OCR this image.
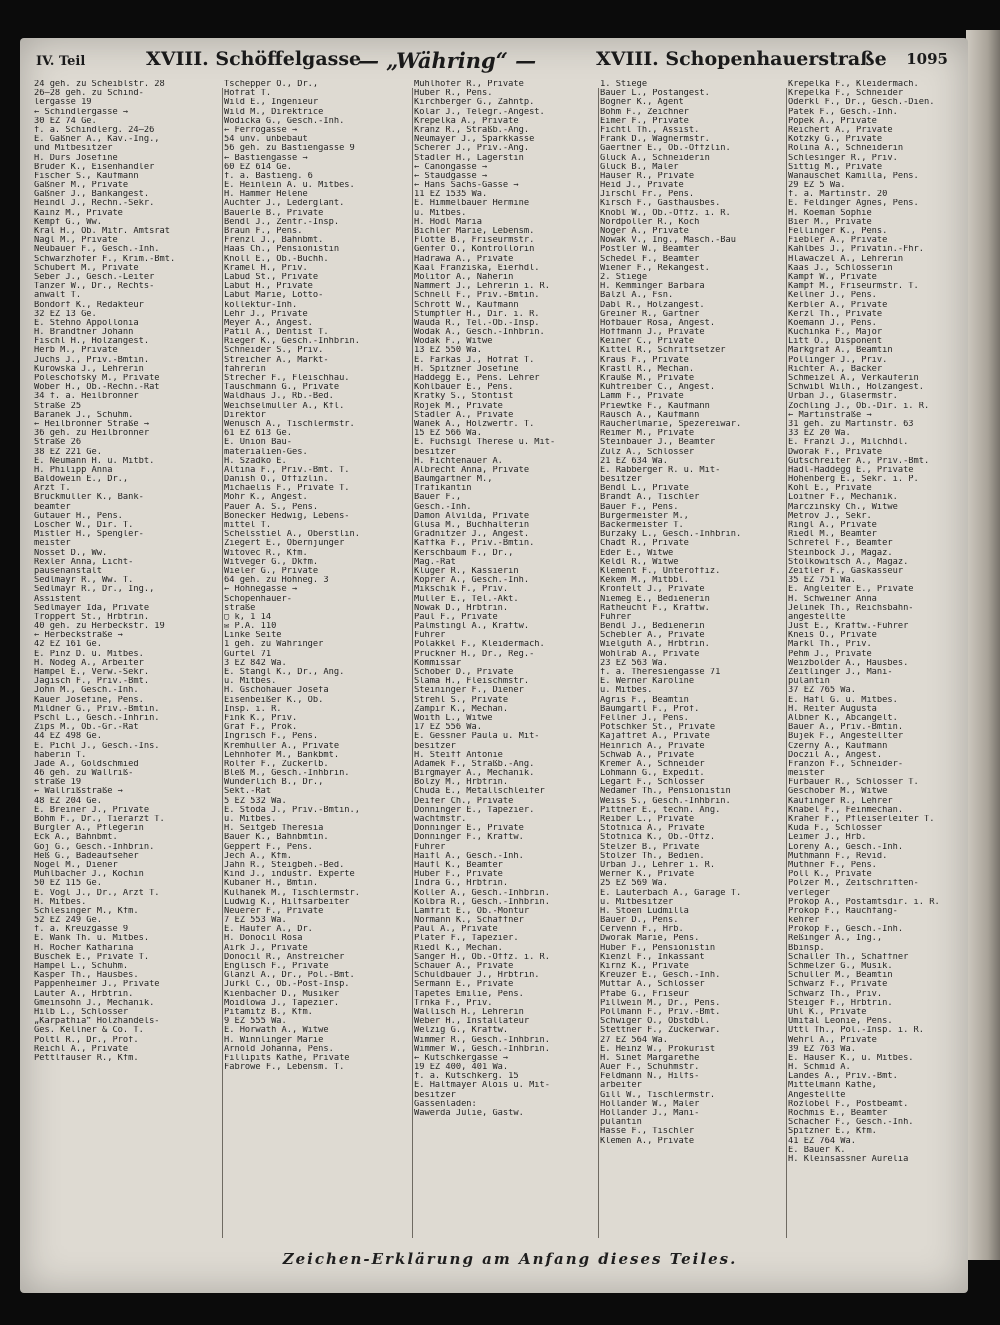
IV. Teil	XVIII. Schöffelgasse
— „Währing“ —	XVIII. Schopenhauerstraße 1095
24 geh. zu Scheiblstr. 28
26—28 geh. zu Schind-
lergasse 19
← Schindlergasse →
30 EZ 74 Ge.
f. a. Schindlerg. 24—26
E. Gaßner A., Kav.-Ing.,
und Mitbesitzer
H. Durs Josefine
Brüder K., Eisenhändler
Fischer S., Kaufmann
Gaßner M., Private
Gaßner J., Bankangest.
Heindl J., Rechn.-Sekr.
Kainz M., Private
Kempf G., Ww.
Kral H., Ob. Mitr. Amtsrat
Nagl M., Private
Neubauer F., Gesch.-Inh.
Schwarzhofer F., Krim.-Bmt.
Schubert M., Private
Seber J., Gesch.-Leiter
Tanzer W., Dr., Rechts-
anwalt T.
Bondorf K., Redakteur
32 EZ 13 Ge.
E. Stehno Appollonia
H. Brandtner Johann
Fischl H., Holzangest.
Herb M., Private
Juchs J., Priv.-Bmtin.
Kurowska J., Lehrerin
Poleschofsky M., Private
Wöber H., Ob.-Rechn.-Rat
34 f. a. Heilbronner
Straße 25
Baranek J., Schuhm.
← Heilbronner Straße →
36 geh. zu Heilbronner
Straße 26
38 EZ 221 Ge.
E. Neumann H. u. Mitbt.
H. Philipp Anna
Baldowein E., Dr.,
Arzt T.
Bruckmüller K., Bank-
beamter
Gutauer H., Pens.
Löscher W., Dir. T.
Mistler H., Spengler-
meister
Nosset D., Ww.
Rexler Anna, Licht-
pausenanstalt
Sedlmayr R., Ww. T.
Sedlmayr R., Dr., Ing.,
Assistent
Sedlmayer Ida, Private
Troppert St., Hrbtrin.
40 geh. zu Herbeckstr. 19
← Herbeckstraße →
42 EZ 161 Ge.
E. Pinz D. u. Mitbes.
H. Nodeg A., Arbeiter
Hampel E., Verw.-Sekr.
Jagisch F., Priv.-Bmt.
Jöhn M., Gesch.-Inh.
Kauer Josefine, Pens.
Mildner G., Priv.-Bmtin.
Pschl L., Gesch.-Inhrin.
Zips M., Ob.-Gr.-Rat
44 EZ 498 Ge.
E. Pichl J., Gesch.-Ins.
haberin T.
Jade A., Goldschmied
46 geh. zu Wallriß-
straße 19
← Wallrißstraße →
48 EZ 204 Ge.
E. Breiner J., Private
Böhm F., Dr., Tierarzt T.
Burgler A., Pflegerin
Eck A., Bahnbmt.
Goj G., Gesch.-Inhbrin.
Heß G., Badeaufseher
Nögel M., Diener
Mühlbacher J., Köchin
50 EZ 115 Ge.
E. Vogl J., Dr., Arzt T.
H. Mitbes.
Schlesinger M., Kfm.
52 EZ 249 Ge.
f. a. Kreuzgasse 9
E. Wank Th. u. Mitbes.
H. Rocher Katharina
Buschek E., Private T.
Hampel L., Schuhm.
Kasper Th., Hausbes.
Pappenheimer J., Private
Lauter A., Hrbtrin.
Gmeinsohn J., Mechanik.
Hilb L., Schlosser
„Karpathia“ Holzhandels-
Ges. Kellner & Co. T.
Pöltl R., Dr., Prof.
Reichl A., Private
Pettlfauser R., Kfm.
Tschepper O., Dr.,
Hofrat T.
Wild E., Ingenieur
Wild M., Direktrice
Wodicka G., Gesch.-Inh.
← Ferrogasse →
54 unv. unbebaut
56 geh. zu Bastiengasse 9
← Bastiengasse →
60 EZ 614 Ge.
f. a. Bastieng. 6
E. Heinlein A. u. Mitbes.
H. Hammer Helene
Auchter J., Lederglant.
Bäuerle B., Private
Bendl J., Zentr.-Insp.
Braun F., Pens.
Frenzl J., Bahnbmt.
Haas Ch., Pensionistin
Knoll E., Ob.-Buchh.
Kramel H., Priv.
Labud St., Private
Labut H., Private
Labut Marie, Lotto-
kollektur-Inh.
Lehr J., Private
Meyer A., Angest.
Patil A., Dentist T.
Rieger K., Gesch.-Inhbrin.
Schneider S., Priv.
Streicher A., Markt-
fahrerin
Strecher F., Fleischhau.
Tauschmann G., Private
Waldhaus J., Rb.-Bed.
Weichselmüller A., Kfl.
Direktor
Wenusch A., Tischlermstr.
61 EZ 613 Ge.
E. Union Bau-
materialien-Ges.
H. Szadko E.
Altina F., Priv.-Bmt. T.
Danish O., Offizlin.
Michaelis F., Private T.
Mohr K., Angest.
Pauer A. S., Pens.
Bonecker Hedwig, Lebens-
mittel T.
Schelsstiel A., Oberstlin.
Ziegert E., Obernjunger
Witovec R., Kfm.
Witveger G., Dkfm.
Wieler G., Private
64 geh. zu Höhneg. 3
← Höhnegasse →
Schopenhauer-
straße
▢ k, 1 14
✉ P.A. 110
Linke Seite
1 geh. zu Währinger
Gürtel 71
3 EZ 842 Wä.
E. Stangl K., Dr., Ang.
u. Mitbes.
H. Gschöhauer Josefa
Eisenbeißer K., Ob.
Insp. i. R.
Fink K., Priv.
Gräf F., Prok.
Ingrisch F., Pens.
Kremhüller A., Private
Lehnhöfer M., Bankbmt.
Rolfer F., Zuckerlb.
Bleß M., Gesch.-Inhbrin.
Wunderlich B., Dr.,
Sekt.-Rat
5 EZ 532 Wä.
E. Stoda J., Priv.-Bmtin.,
u. Mitbes.
H. Seitgeb Theresia
Bauer K., Bahnbmtin.
Geppert F., Pens.
Jech A., Kfm.
Jahn R., Steigbeh.-Bed.
Kind J., industr. Experte
Kubaner H., Bmtin.
Kulhanek M., Tischlermstr.
Ludwig K., Hilfsarbeiter
Neuerer F., Private
7 EZ 553 Wä.
E. Haufer A., Dr.
H. Donocil Rosa
Airk J., Private
Donocil R., Anstreicher
Englisch F., Private
Glanzl A., Dr., Pol.-Bmt.
Jurkl C., Ob.-Post-Insp.
Kienbacher D., Musiker
Moidlowa J., Tapezier.
Pitamitz B., Kfm.
9 EZ 555 Wä.
E. Horwath A., Witwe
H. Winnlinger Marie
Arnold Johanna, Pens.
Fillipits Käthe, Private
Fabrowe F., Lebensm. T.
Mühlhofer R., Private
Huber R., Pens.
Kirchberger G., Zahntp.
Kolar J., Telegr.-Angest.
Krepelka A., Private
Kranz R., Straßb.-Ang.
Neumayer J., Sparkkasse
Scherer J., Priv.-Ang.
Stadler H., Lagerstin
← Canongasse →
← Staudgasse →
← Hans Sachs-Gasse →
11 EZ 1535 Wä.
E. Himmelbauer Hermine
u. Mitbes.
H. Hodl Maria
Bichler Marie, Lebensm.
Flotte B., Friseurmstr.
Genfer O., Kontrollorin
Hadrawa A., Private
Kaal Franziska, Eierhdl.
Molitor A., Näherin
Nammert J., Lehrerin i. R.
Schnell F., Priv.-Bmtin.
Schrott W., Kaufmann
Stümpfler H., Dir. i. R.
Wauda R., Tel.-Ob.-Insp.
Wodak A., Gesch.-Inhbrin.
Wodak F., Witwe
13 EZ 550 Wä.
E. Farkas J., Hofrat T.
H. Spitzner Josefine
Haddegg E., Pens. Lehrer
Kohlbauer E., Pens.
Kratky S., Stontist
Rojek M., Private
Stadler A., Private
Wanek A., Holzwertr. T.
15 EZ 566 Wä.
E. Fuchsigl Therese u. Mit-
besitzer
H. Fichtenauer A.
Albrecht Anna, Private
Baumgartner M.,
Trafikantin
Bauer F.,
Gesch.-Inh.
Dämon Alvilda, Private
Glusa M., Buchhalterin
Gradnitzer J., Angest.
Kaffka F., Priv.-Bmtin.
Kerschbaum F., Dr.,
Mag.-Rat
Kluger R., Kassierin
Koprer A., Gesch.-Inh.
Mikschik F., Priv.
Müller E., Tel.-Akt.
Nowak D., Hrbtrin.
Paul F., Private
Palmstingl A., Kraftw.
Führer
Polakkel F., Kleidermach.
Pruckner H., Dr., Reg.-
Kommissär
Schober D., Private
Slama H., Fleischmstr.
Steininger F., Diener
Strehl S., Private
Zampir K., Mechan.
Woith L., Witwe
17 EZ 556 Wä.
E. Gessner Paula u. Mit-
besitzer
H. Steiff Antonie
Adamek F., Straßb.-Ang.
Birgmayer A., Mechanik.
Bolzy M., Hrbtrin.
Chuda E., Metallschleifer
Deifer Ch., Private
Donninger E., Tapezier.
wachtmstr.
Donninger E., Private
Donninger F., Kraftw.
Führer
Haifl A., Gesch.-Inh.
Haufl K., Beamter
Huber F., Private
Indra G., Hrbtrin.
Koller A., Gesch.-Inhbrin.
Kolbra R., Gesch.-Inhbrin.
Lamfrit E., Ob.-Montur
Normann K., Schaffner
Paul A., Private
Plater F., Tapezier.
Riedl K., Mechan.
Sanger H., Ob.-Offz. i. R.
Schauer A., Private
Schuldbauer J., Hrbtrin.
Sermann E., Private
Tapetes Emilie, Pens.
Trnka F., Priv.
Wallisch H., Lehrerin
Weber H., Installateur
Welzig G., Kraftw.
Wimmer R., Gesch.-Inhbrin.
Wimmer W., Gesch.-Inhbrin.
← Kutschkergasse →
19 EZ 400, 401 Wä.
f. a. Kutschkerg. 15
E. Haltmayer Alois u. Mit-
besitzer
Gassenladen:
Wawerda Julie, Gastw.
1. Stiege
Bauer L., Postangest.
Bogner K., Agent
Böhm F., Zeichner
Eimer F., Private
Fichtl Th., Assist.
Frank D., Wagnermstr.
Gaertner E., Ob.-Offzlin.
Glück A., Schneiderin
Glück B., Maler
Hauser R., Private
Heid J., Private
Jirschl Fr., Pens.
Kirsch F., Gasthausbes.
Knöbl W., Ob.-Offz. i. R.
Nordpöller R., Koch
Noger A., Private
Nowak V., Ing., Masch.-Bau
Pöstler W., Beamter
Schedel F., Beamter
Wiener F., Rekangest.
2. Stiege
H. Kemminger Barbara
Balzl A., Fsn.
Dabl R., Holzangest.
Greiner R., Gärtner
Hofbauer Rosa, Angest.
Hoffmann J., Private
Keiner C., Private
Kittel R., Schriftsetzer
Kraus F., Private
Krastl R., Mechan.
Krauße M., Private
Kühtreiber C., Angest.
Lamm F., Private
Priewtke F., Kaufmann
Rausch A., Kaufmann
Raucherlmarie, Spezereiwar.
Reimer M., Private
Steinbauer J., Beamter
Zulz A., Schlosser
21 EZ 634 Wä.
E. Rabberger R. u. Mit-
besitzer
Bendl L., Private
Brandt A., Tischler
Bauer F., Pens.
Bürgermeister M.,
Bäckermeister T.
Burzaky L., Gesch.-Inhbrin.
Chadt R., Private
Eder E., Witwe
Keldl R., Witwe
Klement F., Unteroffiz.
Kekem M., Mitbbl.
Kronfelt J., Private
Niemeg E., Bedienerin
Ratheucht F., Kraftw.
Führer
Bendl J., Bedienerin
Schebler A., Private
Wielguth A., Hrbtrin.
Wohlrab A., Private
23 EZ 563 Wä.
f. a. Theresiengasse 71
E. Werner Karoline
u. Mitbes.
Agris F., Beamtin
Baumgartl F., Prof.
Fellner J., Pens.
Potschker St., Private
Kajaftret A., Private
Heinrich A., Private
Schwab A., Private
Kremer A., Schneider
Lohmann G., Expedit.
Legart F., Schlosser
Nedamer Th., Pensionistin
Weiss S., Gesch.-Inhbrin.
Pittner E., techn. Ang.
Reiber L., Private
Stotnica A., Private
Stotnica K., Ob.-Offz.
Stelzer B., Private
Stölzer Th., Bedien.
Urban J., Lehrer i. R.
Werner K., Private
25 EZ 569 Wä.
E. Lauterbach A., Garage T.
u. Mitbesitzer
H. Stoen Ludmilla
Bauer D., Pens.
Cervenn F., Hrb.
Dworak Marie, Pens.
Huber F., Pensionistin
Kienzl F., Inkassant
Kirnz K., Private
Kreuzer E., Gesch.-Inh.
Muttar A., Schlosser
Pfabe G., Friseur
Pillwein M., Dr., Pens.
Pöllmann F., Priv.-Bmt.
Schwiger O., Obstdbl.
Stettner F., Zuckerwar.
27 EZ 564 Wä.
E. Heinz W., Prokurist
H. Sinet Margarethe
Auer F., Schuhmstr.
Feldmann N., Hilfs-
arbeiter
Gill W., Tischlermstr.
Hollander W., Maler
Hollander J., Mani-
pulantin
Hasse F., Tischler
Klemen A., Private
Krepelka F., Kleidermach.
Krepelka F., Schneider
Oderkl F., Dr., Gesch.-Dien.
Patek F., Gesch.-Inh.
Popek A., Private
Reichert A., Private
Kotzky G., Private
Rolina A., Schneiderin
Schlesinger R., Priv.
Sittig M., Private
Wanauschet Kamilla, Pens.
29 EZ 5 Wä.
f. a. Martinstr. 20
E. Feldinger Agnes, Pens.
H. Koeman Sophie
Bier M., Private
Fellinger K., Pens.
Fiebler A., Private
Kahlbes J., Privatin.-Fhr.
Hlawaczel A., Lehrerin
Kaas J., Schlosserin
Kampf W., Private
Kampf M., Friseurmstr. T.
Kellner J., Pens.
Kerbler A., Private
Kerzl Th., Private
Koemann J., Pens.
Kuchinka F., Major
Litt O., Disponent
Markgraf A., Beamtin
Pöllinger J., Priv.
Richter A., Bäcker
Schmeizel A., Verkäuferin
Schwibl Wilh., Holzangest.
Urban J., Glasermstr.
Zöchling J., Ob.-Dir. i. R.
← Martinstraße →
31 geh. zu Martinstr. 63
33 EZ 20 Wä.
E. Franzl J., Milchhdl.
Dworak F., Private
Gutschreiter A., Priv.-Bmt.
Hadl-Haddegg E., Private
Hohenberg E., Sekr. i. P.
Kohl E., Private
Loitner F., Mechanik.
Marczinsky Ch., Witwe
Metrov J., Sekr.
Ringl A., Private
Riedl M., Beamter
Schrefel F., Beamter
Steinbock J., Magaz.
Stolkowitsch A., Magaz.
Zeitler F., Gaskasseur
35 EZ 751 Wä.
E. Angleiter E., Private
H. Schweiner Anna
Jelinek Th., Reichsbahn-
angestellte
Just E., Kraftw.-Führer
Kneis O., Private
Markl Th., Priv.
Pehm J., Private
Weizbölder A., Hausbes.
Zeitlinger J., Mani-
pulantin
37 EZ 765 Wä.
E. Hafl G. u. Mitbes.
H. Reiter Augusta
Albner K., Abcangelt.
Bauer A., Priv.-Bmtin.
Bujek F., Angestellter
Czerny A., Kaufmann
Doczil A., Angest.
Franzon F., Schneider-
meister
Fürbauer R., Schlosser T.
Geschober M., Witwe
Kaufinger R., Lehrer
Knabel F., Feinmechan.
Kraher F., Pfleiserleiter T.
Kuda F., Schlosser
Leimer J., Hrb.
Loreny A., Gesch.-Inh.
Muthmann F., Revid.
Muthner F., Pens.
Pöll K., Private
Polzer M., Zeitschriften-
verleger
Prokop A., Postamtsdir. i. R.
Prokop F., Rauchfang-
kehrer
Prokop F., Gesch.-Inh.
Reßinger A., Ing.,
Bbinsp.
Schaller Th., Schaffner
Schmelzer G., Musik.
Schuller M., Beamtin
Schwarz F., Private
Schwarz Th., Priv.
Steiger F., Hrbtrin.
Uhl K., Private
Umital Leonie, Pens.
Uttl Th., Pol.-Insp. i. R.
Wehrl A., Private
39 EZ 763 Wä.
E. Hauser K., u. Mitbes.
H. Schmid A.
Landes A., Priv.-Bmt.
Mittelmann Käthe,
Angestellte
Rozlobel F., Postbeamt.
Rochmis E., Beamter
Schächer F., Gesch.-Inh.
Spitzner E., Kfm.
41 EZ 764 Wä.
E. Bauer K.
H. Kleinsassner Aurelia
Zeichen-Erklärung am Anfang dieses Teiles.
